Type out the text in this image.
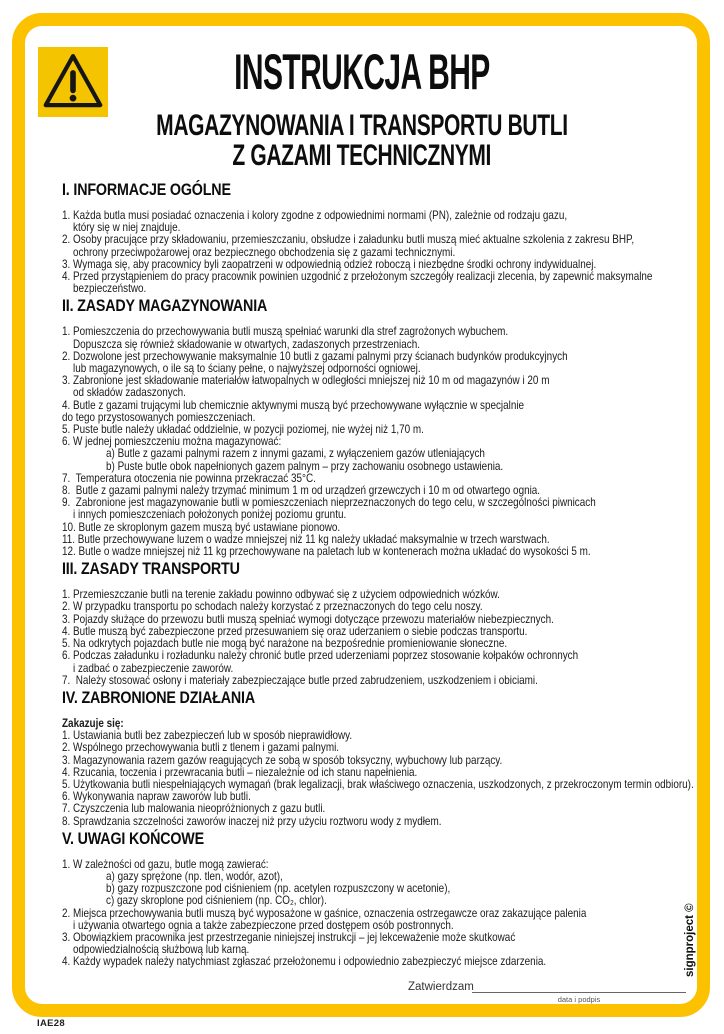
INSTRUKCJA BHP
MAGAZYNOWANIA I TRANSPORTU BUTLI
Z GAZAMI TECHNICZNYMI
I. INFORMACJE OGÓLNE
1. Każda butla musi posiadać oznaczenia i kolory zgodne z odpowiednimi normami (PN), zależnie od rodzaju gazu,
który się w niej znajduje.
2. Osoby pracujące przy składowaniu, przemieszczaniu, obsłudze i załadunku butli muszą mieć aktualne szkolenia z zakresu BHP,
ochrony przeciwpożarowej oraz bezpiecznego obchodzenia się z gazami technicznymi.
3. Wymaga się, aby pracownicy byli zaopatrzeni w odpowiednią odzież roboczą i niezbędne środki ochrony indywidualnej.
4. Przed przystąpieniem do pracy pracownik powinien uzgodnić z przełożonym szczegóły realizacji zlecenia, by zapewnić maksymalne
bezpieczeństwo.
II. ZASADY MAGAZYNOWANIA
1. Pomieszczenia do przechowywania butli muszą spełniać warunki dla stref zagrożonych wybuchem.
Dopuszcza się również składowanie w otwartych, zadaszonych przestrzeniach.
2. Dozwolone jest przechowywanie maksymalnie 10 butli z gazami palnymi przy ścianach budynków produkcyjnych
lub magazynowych, o ile są to ściany pełne, o najwyższej odporności ogniowej.
3. Zabronione jest składowanie materiałów łatwopalnych w odległości mniejszej niż 10 m od magazynów i 20 m
od składów zadaszonych.
4. Butle z gazami trującymi lub chemicznie aktywnymi muszą być przechowywane wyłącznie w specjalnie
do tego przystosowanych pomieszczeniach.
5. Puste butle należy układać oddzielnie, w pozycji poziomej, nie wyżej niż 1,70 m.
6. W jednej pomieszczeniu można magazynować:
a) Butle z gazami palnymi razem z innymi gazami, z wyłączeniem gazów utleniających
b) Puste butle obok napełnionych gazem palnym – przy zachowaniu osobnego ustawienia.
7.  Temperatura otoczenia nie powinna przekraczać 35°C.
8.  Butle z gazami palnymi należy trzymać minimum 1 m od urządzeń grzewczych i 10 m od otwartego ognia.
9.  Zabronione jest magazynowanie butli w pomieszczeniach nieprzeznaczonych do tego celu, w szczególności piwnicach
i innych pomieszczeniach położonych poniżej poziomu gruntu.
10. Butle ze skroplonym gazem muszą być ustawiane pionowo.
11. Butle przechowywane luzem o wadze mniejszej niż 11 kg należy układać maksymalnie w trzech warstwach.
12. Butle o wadze mniejszej niż 11 kg przechowywane na paletach lub w kontenerach można układać do wysokości 5 m.
III. ZASADY TRANSPORTU
1. Przemieszczanie butli na terenie zakładu powinno odbywać się z użyciem odpowiednich wózków.
2. W przypadku transportu po schodach należy korzystać z przeznaczonych do tego celu noszy.
3. Pojazdy służące do przewozu butli muszą spełniać wymogi dotyczące przewozu materiałów niebezpiecznych.
4. Butle muszą być zabezpieczone przed przesuwaniem się oraz uderzaniem o siebie podczas transportu.
5. Na odkrytych pojazdach butle nie mogą być narażone na bezpośrednie promieniowanie słoneczne.
6. Podczas załadunku i rozładunku należy chronić butle przed uderzeniami poprzez stosowanie kołpaków ochronnych
i zadbać o zabezpieczenie zaworów.
7.  Należy stosować osłony i materiały zabezpieczające butle przed zabrudzeniem, uszkodzeniem i obiciami.
IV. ZABRONIONE DZIAŁANIA
Zakazuje się:
1. Ustawiania butli bez zabezpieczeń lub w sposób nieprawidłowy.
2. Wspólnego przechowywania butli z tlenem i gazami palnymi.
3. Magazynowania razem gazów reagujących ze sobą w sposób toksyczny, wybuchowy lub parzący.
4. Rzucania, toczenia i przewracania butli – niezależnie od ich stanu napełnienia.
5. Użytkowania butli niespełniających wymagań (brak legalizacji, brak właściwego oznaczenia, uszkodzonych, z przekroczonym termin odbioru).
6. Wykonywania napraw zaworów lub butli.
7. Czyszczenia lub malowania nieopróżnionych z gazu butli.
8. Sprawdzania szczelności zaworów inaczej niż przy użyciu roztworu wody z mydłem.
V. UWAGI KOŃCOWE
1. W zależności od gazu, butle mogą zawierać:
a) gazy sprężone (np. tlen, wodór, azot),
b) gazy rozpuszczone pod ciśnieniem (np. acetylen rozpuszczony w acetonie),
c) gazy skroplone pod ciśnieniem (np. CO₂, chlor).
2. Miejsca przechowywania butli muszą być wyposażone w gaśnice, oznaczenia ostrzegawcze oraz zakazujące palenia
i używania otwartego ognia a także zabezpieczone przed dostępem osób postronnych.
3. Obowiązkiem pracownika jest przestrzeganie niniejszej instrukcji – jej lekceważenie może skutkować
odpowiedzialnością służbową lub karną.
4. Każdy wypadek należy natychmiast zgłaszać przełożonemu i odpowiednio zabezpieczyć miejsce zdarzenia.
Zatwierdzam
data i podpis
signproject ©
IAE28
